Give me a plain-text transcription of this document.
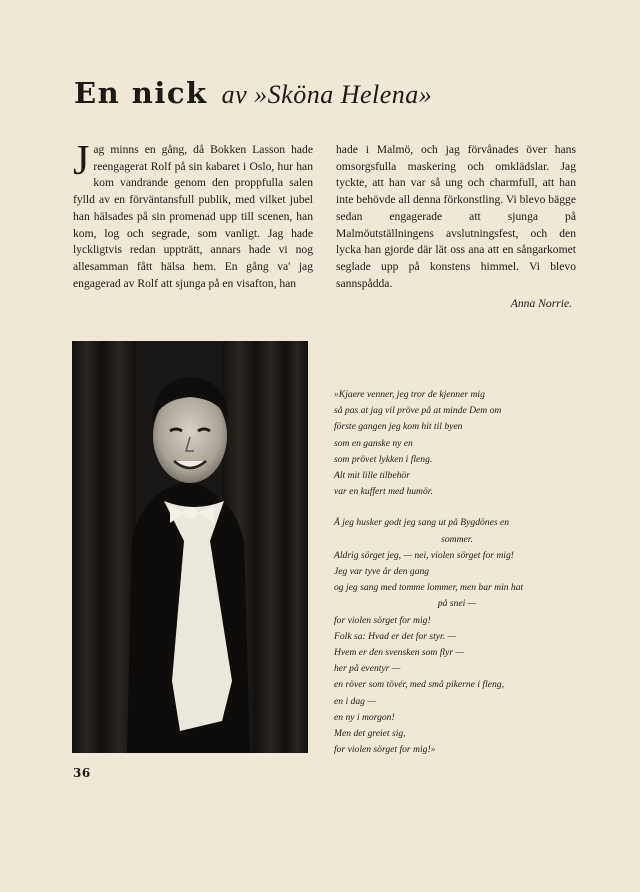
En nick av »Sköna Helena»

Jag minns en gång, då Bokken Lasson hade reengagerat Rolf på sin kabaret i Oslo, hur han kom vandrande genom den proppfulla salen fylld av en förväntansfull publik, med vilket jubel han hälsades på sin promenad upp till scenen, han kom, log och segrade, som vanligt. Jag hade lyckligtvis redan uppträtt, annars hade vi nog allesamman fått hälsa hem. En gång va' jag engagerad av Rolf att sjunga på en visafton, han

hade i Malmö, och jag förvånades över hans omsorgsfulla maskering och omklädslar. Jag tyckte, att han var så ung och charmfull, att han inte behövde all denna förkonstling. Vi blevo bägge sedan engagerade att sjunga på Malmöutställningens avslutningsfest, och den lycka han gjorde där lät oss ana att en sångarkomet seglade upp på konstens himmel. Vi blevo sannspådda.

Anna Norrie.
»Kjaere venner, jeg tror de kjenner mig
så pas at jag vil pröve på at minde Dem om
förste gangen jeg kom hit til byen
som en ganske ny en
som prövet lykken i fleng.
Alt mit lille tilbehör
var en kuffert med humör.
Å jeg husker godt jeg sang ut på Bygdönes en
sommer.
Aldrig sörget jeg, — nei, violen sörget for mig!
Jeg var tyve år den gang
og jeg sang med tomme lommer, men bar min hat
på snei —
for violen sörget for mig!
Folk sa: Hvad er det for styr. —
Hvem er den svensken som flyr —
her på eventyr —
en röver som tövér, med små pikerne i fleng,
en i dag —
en ny i morgon!
Men det greiet sig,
for violen sörget for mig!»
36
